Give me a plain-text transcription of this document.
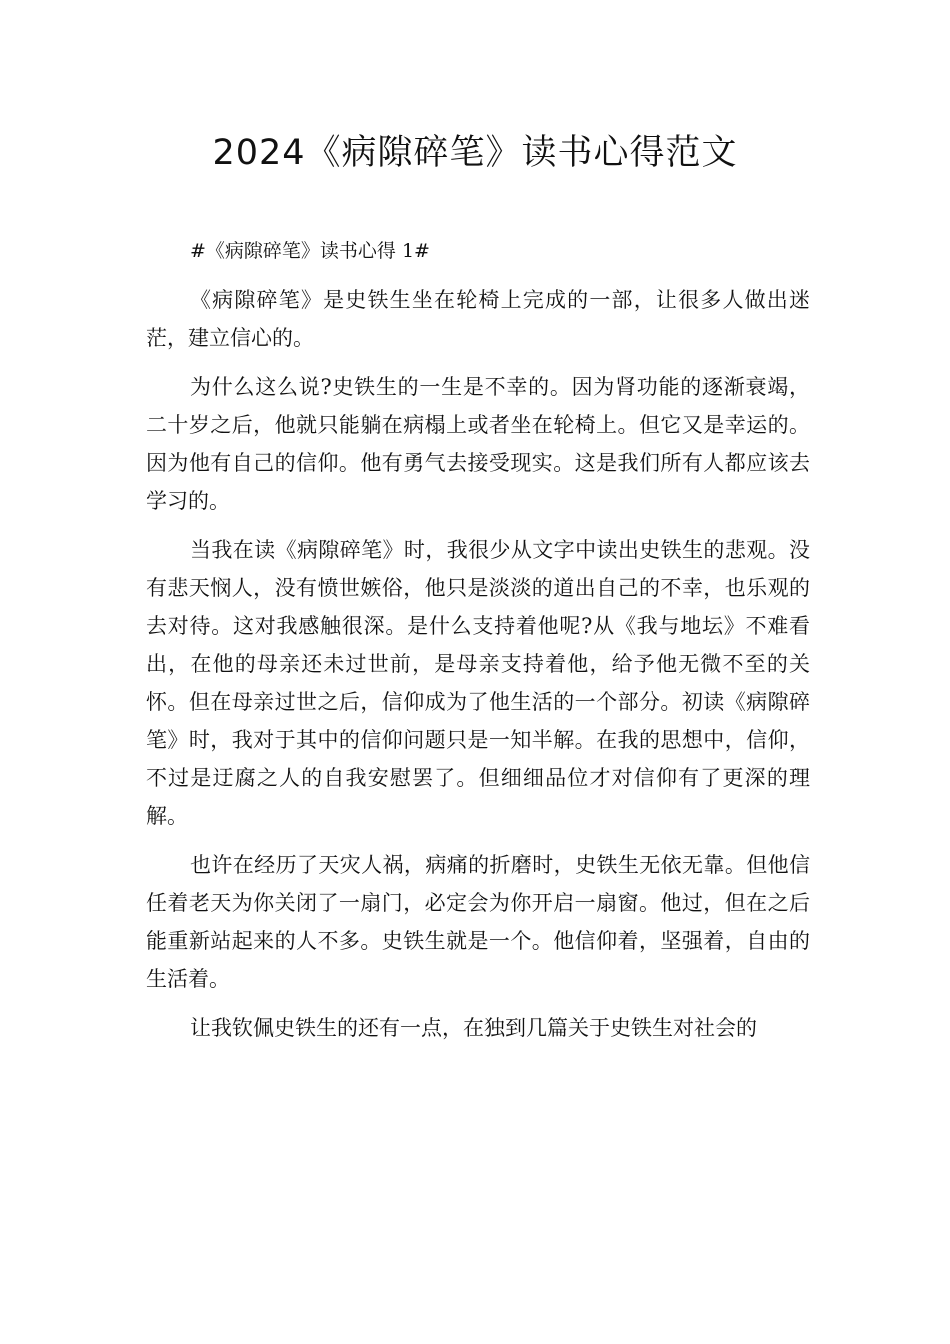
2024《病隙碎笔》读书心得范文

#《病隙碎笔》读书心得 1#

《病隙碎笔》是史铁生坐在轮椅上完成的一部，让很多人做出迷茫，建立信心的。

为什么这么说?史铁生的一生是不幸的。因为肾功能的逐渐衰竭，二十岁之后，他就只能躺在病榻上或者坐在轮椅上。但它又是幸运的。因为他有自己的信仰。他有勇气去接受现实。这是我们所有人都应该去学习的。

当我在读《病隙碎笔》时，我很少从文字中读出史铁生的悲观。没有悲天悯人，没有愤世嫉俗，他只是淡淡的道出自己的不幸，也乐观的去对待。这对我感触很深。是什么支持着他呢?从《我与地坛》不难看出，在他的母亲还未过世前，是母亲支持着他，给予他无微不至的关怀。但在母亲过世之后，信仰成为了他生活的一个部分。初读《病隙碎笔》时，我对于其中的信仰问题只是一知半解。在我的思想中，信仰，不过是迂腐之人的自我安慰罢了。但细细品位才对信仰有了更深的理解。

也许在经历了天灾人祸，病痛的折磨时，史铁生无依无靠。但他信任着老天为你关闭了一扇门，必定会为你开启一扇窗。他过，但在之后能重新站起来的人不多。史铁生就是一个。他信仰着，坚强着，自由的生活着。

让我钦佩史铁生的还有一点，在独到几篇关于史铁生对社会的
